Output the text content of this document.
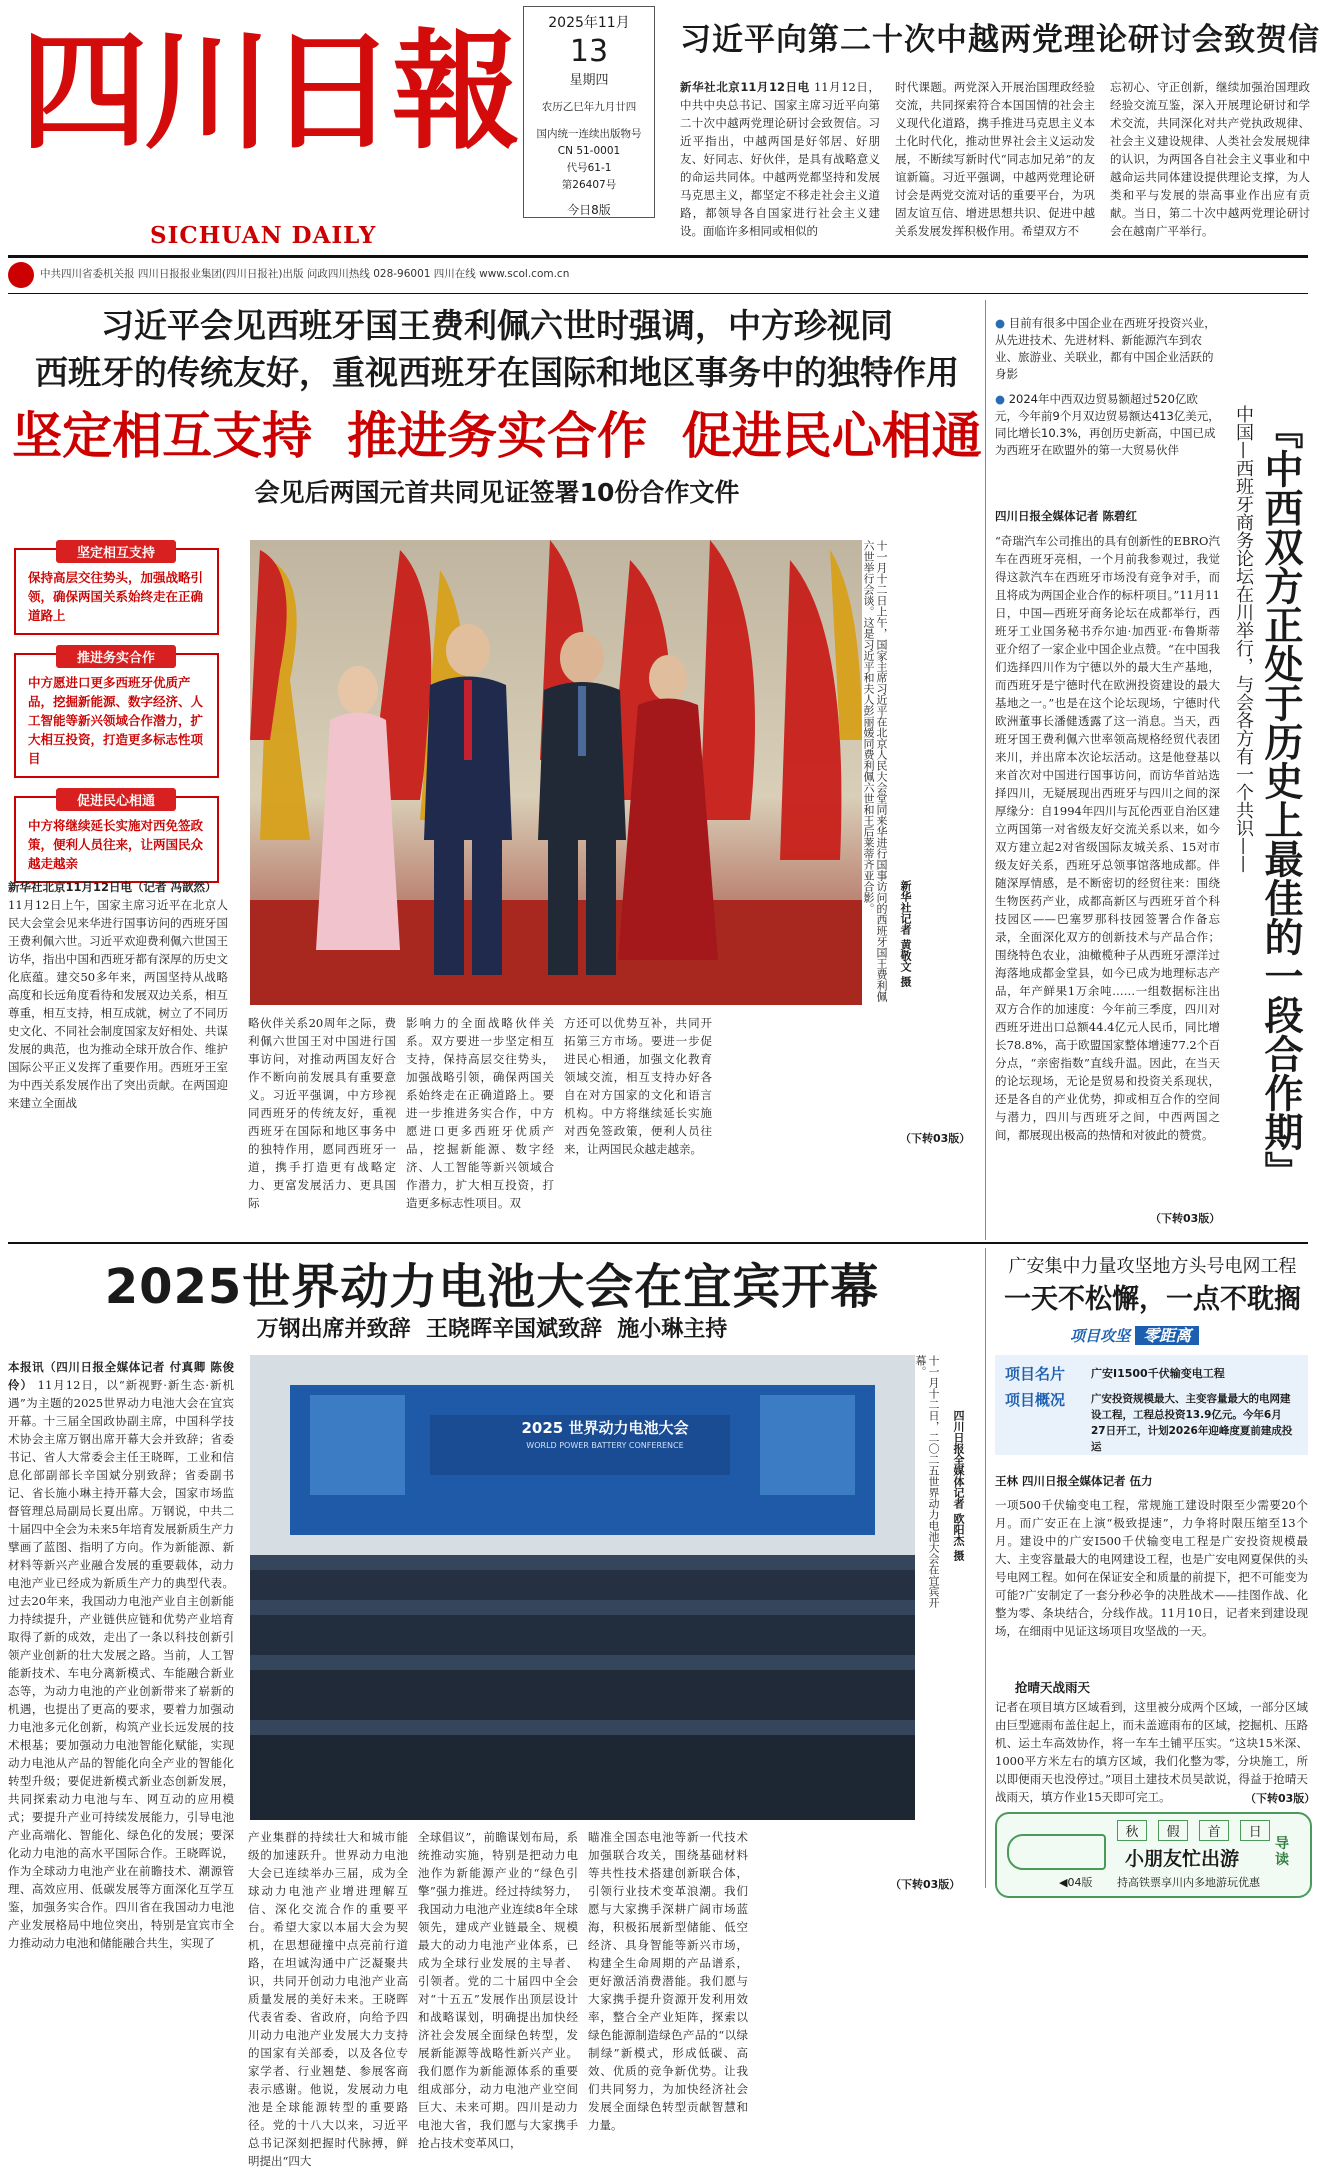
四川日報
SICHUAN DAILY
2025年11月
13
星期四
农历乙巳年九月廿四
国内统一连续出版物号
CN 51-0001
代号61-1
第26407号
今日8版
习近平向第二十次中越两党理论研讨会致贺信
新华社北京11月12日电 11月12日，中共中央总书记、国家主席习近平向第二十次中越两党理论研讨会致贺信。习近平指出，中越两国是好邻居、好朋友、好同志、好伙伴，是具有战略意义的命运共同体。中越两党都坚持和发展马克思主义，都坚定不移走社会主义道路，都领导各自国家进行社会主义建设。面临许多相同或相似的
时代课题。两党深入开展治国理政经验交流，共同探索符合本国国情的社会主义现代化道路，携手推进马克思主义本土化时代化，推动世界社会主义运动发展，不断续写新时代“同志加兄弟”的友谊新篇。习近平强调，中越两党理论研讨会是两党交流对话的重要平台，为巩固友谊互信、增进思想共识、促进中越关系发展发挥积极作用。希望双方不
忘初心、守正创新，继续加强治国理政经验交流互鉴，深入开展理论研讨和学术交流，共同深化对共产党执政规律、社会主义建设规律、人类社会发展规律的认识，为两国各自社会主义事业和中越命运共同体建设提供理论支撑，为人类和平与发展的崇高事业作出应有贡献。当日，第二十次中越两党理论研讨会在越南广平举行。
中共四川省委机关报 四川日报报业集团(四川日报社)出版 问政四川热线 028-96001 四川在线 www.scol.com.cn
习近平会见西班牙国王费利佩六世时强调，中方珍视同
西班牙的传统友好，重视西班牙在国际和地区事务中的独特作用
坚定相互支持  推进务实合作  促进民心相通
会见后两国元首共同见证签署10份合作文件
坚定相互支持
保持高层交往势头，加强战略引领，确保两国关系始终走在正确道路上
推进务实合作
中方愿进口更多西班牙优质产品，挖掘新能源、数字经济、人工智能等新兴领域合作潜力，扩大相互投资，打造更多标志性项目
促进民心相通
中方将继续延长实施对西免签政策，便利人员往来，让两国民众越走越亲
新华社北京11月12日电（记者 冯歆然）
11月12日上午，国家主席习近平在北京人民大会堂会见来华进行国事访问的西班牙国王费利佩六世。习近平欢迎费利佩六世国王访华，指出中国和西班牙都有深厚的历史文化底蕴。建交50多年来，两国坚持从战略高度和长远角度看待和发展双边关系，相互尊重，相互支持，相互成就，树立了不同历史文化、不同社会制度国家友好相处、共谋发展的典范，也为推动全球开放合作、维护国际公平正义发挥了重要作用。西班牙王室为中西关系发展作出了突出贡献。在两国迎来建立全面战
十一月十二日上午，国家主席习近平在北京人民大会堂同来华进行国事访问的西班牙国王费利佩六世举行会谈。这是习近平和夫人彭丽媛同费利佩六世和王后莱蒂齐亚合影。
新华社记者 黄敬文 摄
略伙伴关系20周年之际，费利佩六世国王对中国进行国事访问，对推动两国友好合作不断向前发展具有重要意义。习近平强调，中方珍视同西班牙的传统友好，重视西班牙在国际和地区事务中的独特作用，愿同西班牙一道，携手打造更有战略定力、更富发展活力、更具国际
影响力的全面战略伙伴关系。双方要进一步坚定相互支持，保持高层交往势头，加强战略引领，确保两国关系始终走在正确道路上。要进一步推进务实合作，中方愿进口更多西班牙优质产品，挖掘新能源、数字经济、人工智能等新兴领域合作潜力，扩大相互投资，打造更多标志性项目。双
方还可以优势互补，共同开拓第三方市场。要进一步促进民心相通，加强文化教育领域交流，相互支持办好各自在对方国家的文化和语言机构。中方将继续延长实施对西免签政策，便利人员往来，让两国民众越走越亲。
（下转03版）
● 目前有很多中国企业在西班牙投资兴业，从先进技术、先进材料、新能源汽车到农业、旅游业、关联业，都有中国企业活跃的身影
● 2024年中西双边贸易额超过520亿欧元，今年前9个月双边贸易额达413亿美元，同比增长10.3%，再创历史新高，中国已成为西班牙在欧盟外的第一大贸易伙伴	中国—西班牙商务论坛在川举行，与会各方有一个共识—— 『中西双方正处于历史上最佳的一段合作期』
四川日报全媒体记者 陈碧红
“奇瑞汽车公司推出的具有创新性的EBRO汽车在西班牙亮相，一个月前我参观过，我觉得这款汽车在西班牙市场没有竞争对手，而且将成为两国企业合作的标杆项目。”11月11日，中国—西班牙商务论坛在成都举行，西班牙工业国务秘书乔尔迪·加西亚·布鲁斯蒂亚介绍了一家企业中国企业点赞。“在中国我们选择四川作为宁德以外的最大生产基地，而西班牙是宁德时代在欧洲投资建设的最大基地之一。”也是在这个论坛现场，宁德时代欧洲董事长潘健透露了这一消息。当天，西班牙国王费利佩六世率领高规格经贸代表团来川，并出席本次论坛活动。这是他登基以来首次对中国进行国事访问，而访华首站选择四川，无疑展现出西班牙与四川之间的深厚缘分：自1994年四川与瓦伦西亚自治区建立两国第一对省级友好交流关系以来，如今双方建立起2对省级国际友城关系、15对市级友好关系，西班牙总领事馆落地成都。伴随深厚情感，是不断密切的经贸往来：围绕生物医药产业，成都高新区与西班牙首个科技园区——巴塞罗那科技园签署合作备忘录，全面深化双方的创新技术与产品合作；围绕特色农业，油橄榄种子从西班牙漂洋过海落地成都金堂县，如今已成为地理标志产品，年产鲜果1万余吨……一组数据标注出双方合作的加速度：今年前三季度，四川对西班牙进出口总额44.4亿元人民币，同比增长78.8%，高于欧盟国家整体增速77.2个百分点，“亲密指数”直线升温。因此，在当天的论坛现场，无论是贸易和投资关系现状，还是各自的产业优势，抑或相互合作的空间与潜力，四川与西班牙之间，中西两国之间，都展现出极高的热情和对彼此的赞赏。
（下转03版）
2025世界动力电池大会在宜宾开幕
万钢出席并致辞  王晓晖辛国斌致辞  施小琳主持
本报讯（四川日报全媒体记者 付真卿 陈俊伶） 11月12日，以“新视野·新生态·新机遇”为主题的2025世界动力电池大会在宜宾开幕。十三届全国政协副主席，中国科学技术协会主席万钢出席开幕大会并致辞；省委书记、省人大常委会主任王晓晖，工业和信息化部副部长辛国斌分别致辞；省委副书记、省长施小琳主持开幕大会，国家市场监督管理总局副局长夏出席。万钢说，中共二十届四中全会为未来5年培育发展新质生产力擘画了蓝图、指明了方向。作为新能源、新材料等新兴产业融合发展的重要载体，动力电池产业已经成为新质生产力的典型代表。过去20年来，我国动力电池产业自主创新能力持续提升，产业链供应链和优势产业培育取得了新的成效，走出了一条以科技创新引领产业创新的壮大发展之路。当前，人工智能新技术、车电分离新模式、车能融合新业态等，为动力电池的产业创新带来了崭新的机遇，也提出了更高的要求，要着力加强动力电池多元化创新，构筑产业长远发展的技术根基；要加强动力电池智能化赋能，实现动力电池从产品的智能化向全产业的智能化转型升级；要促进新模式新业态创新发展，共同探索动力电池与车、网互动的应用模式；要提升产业可持续发展能力，引导电池产业高端化、智能化、绿色化的发展；要深化动力电池的高水平国际合作。王晓晖说，作为全球动力电池产业在前瞻技术、潮源管理、高效应用、低碳发展等方面深化互学互鉴，加强务实合作。四川省在我国动力电池产业发展格局中地位突出，特别是宜宾市全力推动动力电池和储能融合共生，实现了
2025 世界动力电池大会
WORLD POWER BATTERY CONFERENCE	十一月十二日，二〇二五世界动力电池大会在宜宾开幕。
四川日报全媒体记者 欧阳杰 摄
产业集群的持续壮大和城市能级的加速跃升。世界动力电池大会已连续举办三届，成为全球动力电池产业增进理解互信、深化交流合作的重要平台。希望大家以本届大会为契机，在思想碰撞中点亮前行道路，在坦诚沟通中广泛凝聚共识，共同开创动力电池产业高质量发展的美好未来。王晓晖代表省委、省政府，向给予四川动力电池产业发展大力支持的国家有关部委，以及各位专家学者、行业翘楚、参展客商表示感谢。他说，发展动力电池是全球能源转型的重要路径。党的十八大以来，习近平总书记深刻把握时代脉搏，鲜明提出“四大
全球倡议”，前瞻谋划布局，系统推动实施，特别是把动力电池作为新能源产业的“绿色引擎”强力推进。经过持续努力，我国动力电池产业连续8年全球领先，建成产业链最全、规模最大的动力电池产业体系，已成为全球行业发展的主导者、引领者。党的二十届四中全会对“十五五”发展作出顶层设计和战略谋划，明确提出加快经济社会发展全面绿色转型，发展新能源等战略性新兴产业。我们愿作为新能源体系的重要组成部分，动力电池产业空间巨大、未来可期。四川是动力电池大省，我们愿与大家携手抢占技术变革风口，
瞄准全国态电池等新一代技术加强联合攻关，围绕基础材料等共性技术搭建创新联合体，引领行业技术变革浪潮。我们愿与大家携手深耕广阔市场蓝海，积极拓展新型储能、低空经济、具身智能等新兴市场，构建全生命周期的产品谱系，更好激活消费潜能。我们愿与大家携手提升资源开发利用效率，整合全产业矩阵，探索以绿色能源制造绿色产品的“以绿制绿”新模式，形成低碳、高效、优质的竞争新优势。让我们共同努力，为加快经济社会发展全面绿色转型贡献智慧和力量。
（下转03版）
广安集中力量攻坚地方头号电网工程
一天不松懈，一点不耽搁
项目攻坚 零距离
项目名片 广安I1500千伏输变电工程
项目概况 广安投资规模最大、主变容量最大的电网建设工程，工程总投资13.9亿元。今年6月27日开工，计划2026年迎峰度夏前建成投运
王林 四川日报全媒体记者 伍力
一项500千伏输变电工程，常规施工建设时限至少需要20个月。而广安正在上演“极致提速”，力争将时限压缩至13个月。建设中的广安I500千伏输变电工程是广安投资规模最大、主变容量最大的电网建设工程，也是广安电网夏保供的头号电网工程。如何在保证安全和质量的前提下，把不可能变为可能?广安制定了一套分秒必争的决胜战术——挂图作战、化整为零、条块结合，分线作战。11月10日，记者来到建设现场，在细雨中见证这场项目攻坚战的一天。
抢晴天战雨天
记者在项目填方区域看到，这里被分成两个区域，一部分区域由巨型遮雨布盖住起上，而未盖遮雨布的区域，挖掘机、压路机、运土车高效协作，将一车车土铺平压实。“这块15米深、1000平方米左右的填方区域，我们化整为零，分块施工，所以即便雨天也没停过。”项目土建技术员吴歆说，得益于抢晴天战雨天，填方作业15天即可完工。	（下转03版）
秋 假 首 日
小朋友忙出游
导读
◀04版 持高铁票享川内多地游玩优惠
